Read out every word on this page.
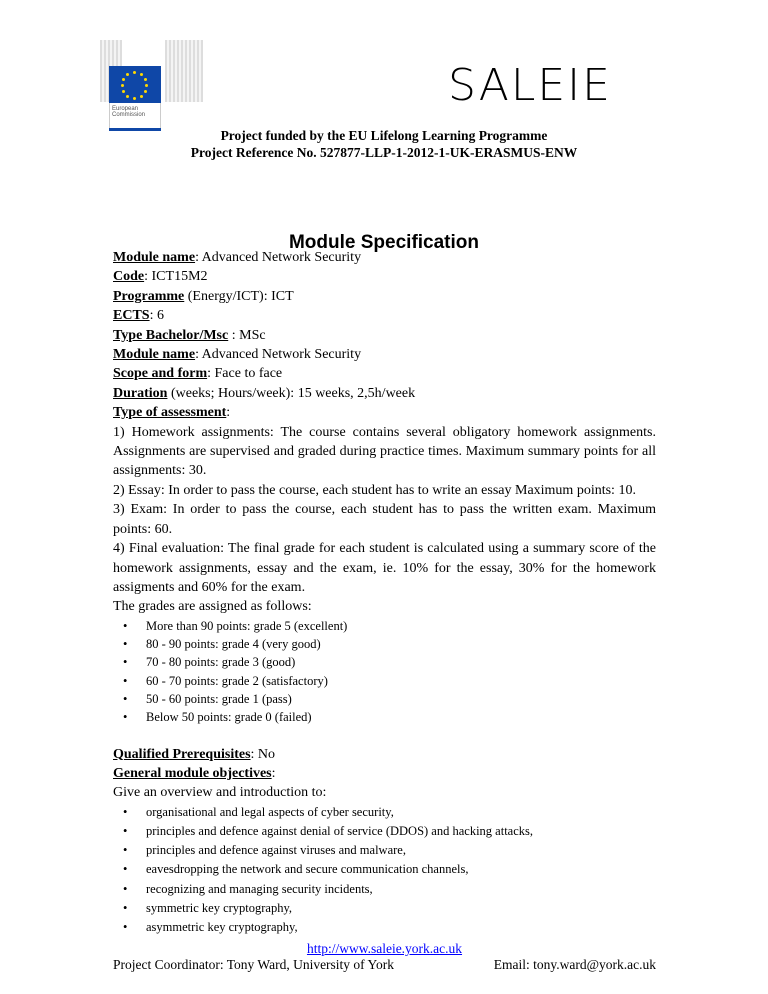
European
Commission
SALEIE
Project funded by the EU Lifelong Learning Programme
Project Reference No. 527877-LLP-1-2012-1-UK-ERASMUS-ENW
Module Specification

Module name: Advanced Network Security

Code: ICT15M2

Programme (Energy/ICT): ICT

ECTS: 6

Type Bachelor/Msc : MSc

Module name: Advanced Network Security

Scope and form: Face to face

Duration (weeks; Hours/week): 15 weeks, 2,5h/week

Type of assessment:

1) Homework assignments: The course contains several obligatory homework assignments. Assignments are supervised and graded during practice times. Maximum summary points for all assignments: 30.

2) Essay: In order to pass the course, each student has to write an essay Maximum points: 10.

3) Exam: In order to pass the course, each student has to pass the written exam. Maximum points: 60.

4) Final evaluation: The final grade for each student is calculated using a summary score of the homework assignments, essay and the exam, ie. 10% for the essay, 30% for the homework assigments and 60% for the exam.

The grades are assigned as follows:

• More than 90 points: grade 5 (excellent)
• 80 - 90 points: grade 4 (very good)
• 70 - 80 points: grade 3 (good)
• 60 - 70 points: grade 2 (satisfactory)
• 50 - 60 points: grade 1 (pass)
• Below 50 points: grade 0 (failed)

Qualified Prerequisites: No

General module objectives:

Give an overview and introduction to:

• organisational and legal aspects of cyber security,
• principles and defence against denial of service (DDOS) and hacking attacks,
• principles and defence against viruses and malware,
• eavesdropping the network and secure communication channels,
• recognizing and managing security incidents,
• symmetric key cryptography,
• asymmetric key cryptography,
http://www.saleie.york.ac.uk
Project Coordinator: Tony Ward, University of York	Email: tony.ward@york.ac.uk
